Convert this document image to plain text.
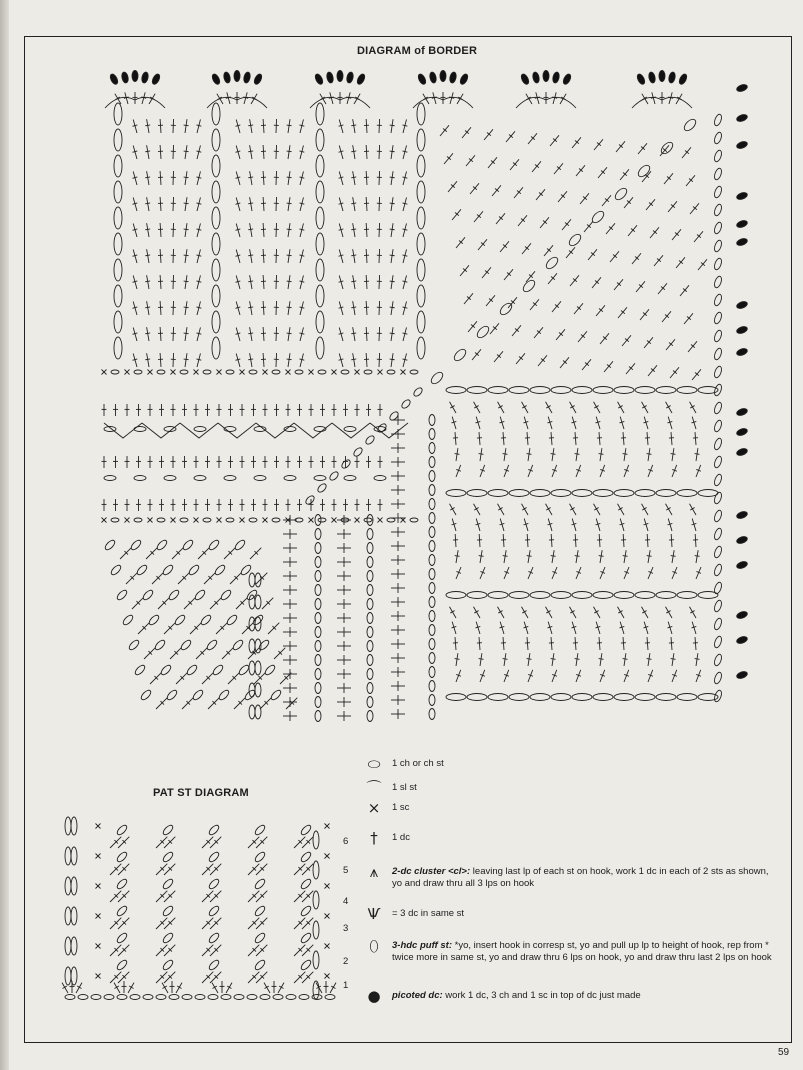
DIAGRAM of BORDER
PAT ST DIAGRAM
6
5
4
3
2
1
⬭	1 ch or ch st
⌒	1 sl st
×	1 sc
†	1 dc
⩚	2-dc cluster <cl>: leaving last lp of each st on hook, work 1 dc in each of 2 sts as shown, yo and draw thru all 3 lps on hook
Ѱ	= 3 dc in same st
⬯	3-hdc puff st: *yo, insert hook in corresp st, yo and pull up lp to height of hook, rep from * twice more in same st, yo and draw thru 6 lps on hook, yo and draw thru last 2 lps on hook
●	picoted dc: work 1 dc, 3 ch and 1 sc in top of dc just made
59
